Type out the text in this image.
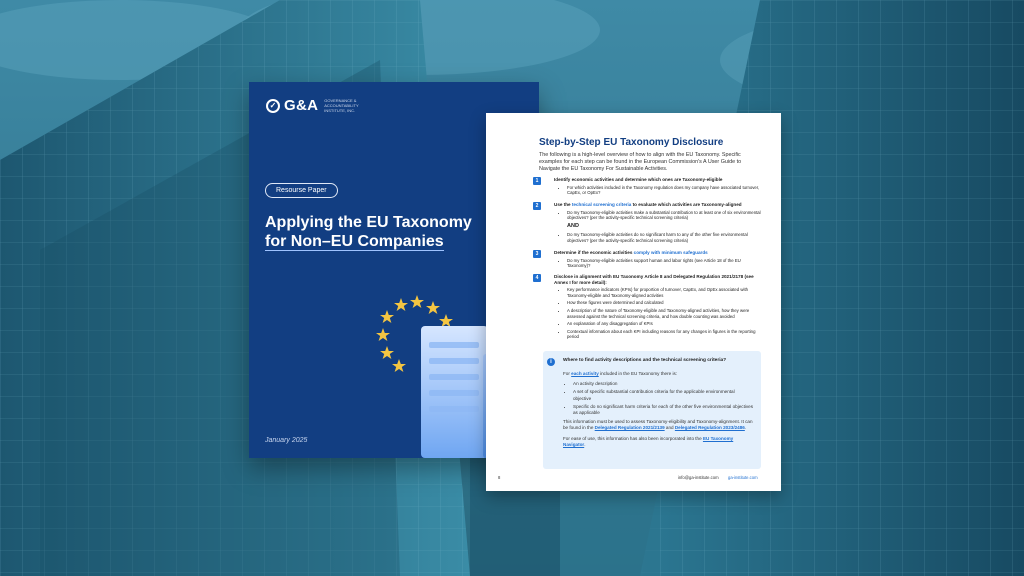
✓ G&A GOVERNANCE & ACCOUNTABILITY INSTITUTE, INC.
Resourse Paper
Applying the EU Taxonomy
for Non–EU Companies
January 2025
Step-by-Step EU Taxonomy Disclosure
The following is a high-level overview of how to align with the EU Taxonomy. Specific examples for each step can be found in the European Commission's A User Guide to Navigate the EU Taxonomy For Sustainable Activities.
1	Identify economic activities and determine which ones are Taxonomy-eligible
• For which activities included in the Taxonomy regulation does my company have associated turnover, CapEx, or OpEx?
2	Use the technical screening criteria to evaluate which activities are Taxonomy-aligned
• Do my Taxonomy-eligible activities make a substantial contribution to at least one of six environmental objectives? (per the activity-specific technical screening criteria)
AND
• Do my Taxonomy-eligible activities do no significant harm to any of the other five environmental objectives? (per the activity-specific technical screening criteria)
3	Determine if the economic activities comply with minimum safeguards
• Do my Taxonomy-eligible activities support human and labor rights (see Article 18 of the EU Taxonomy)?
4	Disclose in alignment with EU Taxonomy Article 8 and Delegated Regulation 2021/2178 (see Annex I for more detail):
• Key performance indicators (KPIs) for proportion of turnover, CapEx, and OpEx associated with Taxonomy-eligible and Taxonomy-aligned activities
• How these figures were determined and calculated
• A description of the nature of Taxonomy-eligible and Taxonomy-aligned activities, how they were assessed against the technical screening criteria, and how double counting was avoided
• An explanation of any disaggregation of KPIs
• Contextual information about each KPI including reasons for any changes in figures in the reporting period
i	Where to find activity descriptions and the technical screening criteria?

For each activity included in the EU Taxonomy there is:

• An activity description
• A set of specific substantial contribution criteria for the applicable environmental objective
• Specific do no significant harm criteria for each of the other five environmental objectives as applicable

This information must be used to assess Taxonomy-eligibility and Taxonomy-alignment. It can be found in the Delegated Regulation 2021/2139 and Delegated Regulation 2023/2486.

For ease of use, this information has also been incorporated into the EU Taxonomy Navigator.

8	info@ga-institute.com ga-institute.com
